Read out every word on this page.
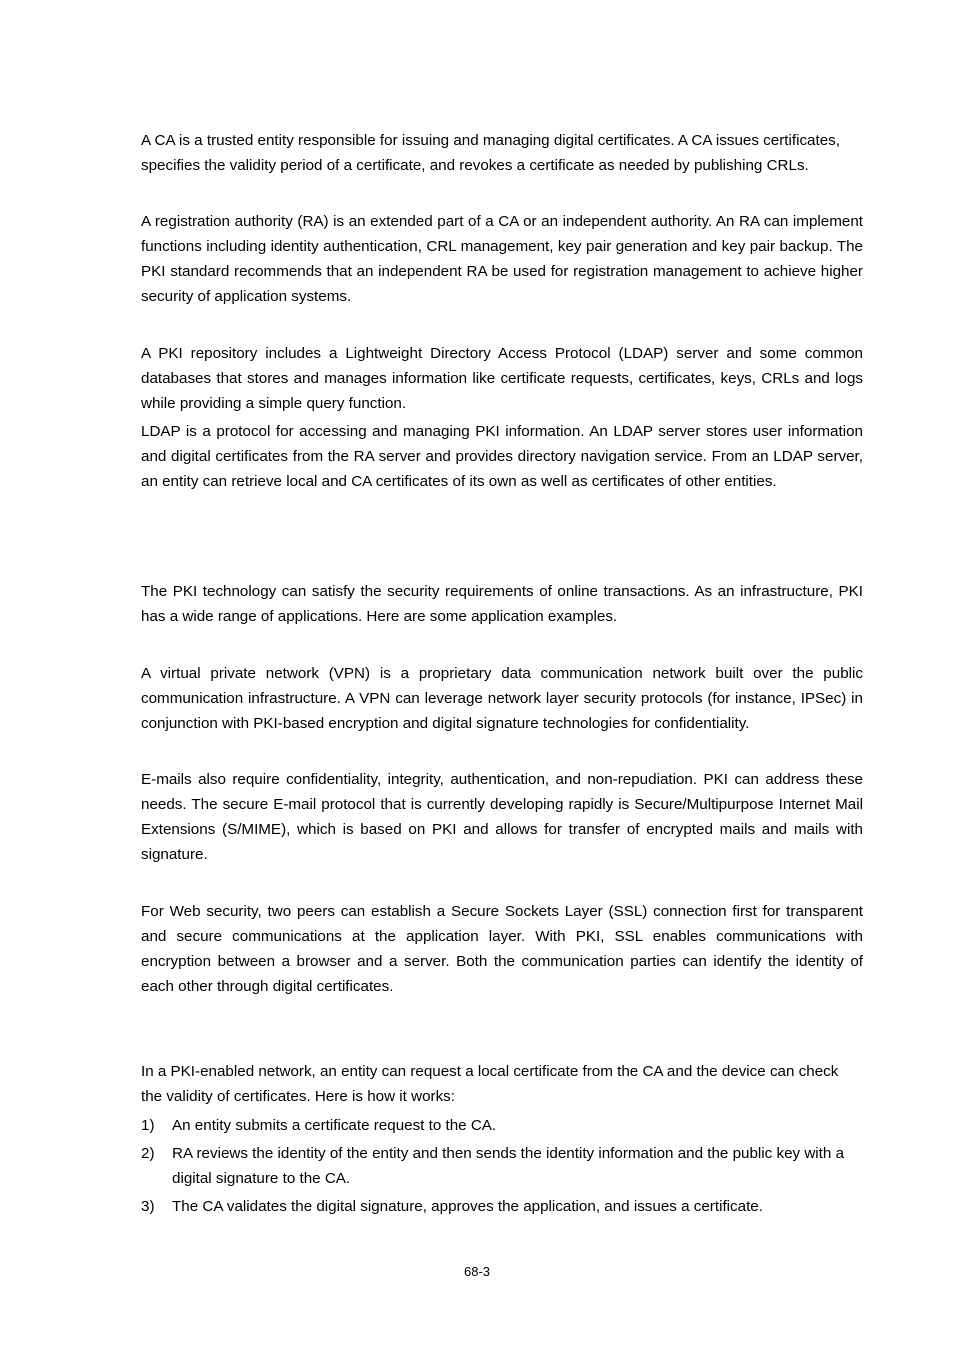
A CA is a trusted entity responsible for issuing and managing digital certificates. A CA issues certificates, specifies the validity period of a certificate, and revokes a certificate as needed by publishing CRLs.

A registration authority (RA) is an extended part of a CA or an independent authority. An RA can implement functions including identity authentication, CRL management, key pair generation and key pair backup. The PKI standard recommends that an independent RA be used for registration management to achieve higher security of application systems.

A PKI repository includes a Lightweight Directory Access Protocol (LDAP) server and some common databases that stores and manages information like certificate requests, certificates, keys, CRLs and logs while providing a simple query function.

LDAP is a protocol for accessing and managing PKI information. An LDAP server stores user information and digital certificates from the RA server and provides directory navigation service. From an LDAP server, an entity can retrieve local and CA certificates of its own as well as certificates of other entities.

The PKI technology can satisfy the security requirements of online transactions. As an infrastructure, PKI has a wide range of applications. Here are some application examples.

A virtual private network (VPN) is a proprietary data communication network built over the public communication infrastructure. A VPN can leverage network layer security protocols (for instance, IPSec) in conjunction with PKI-based encryption and digital signature technologies for confidentiality.

E-mails also require confidentiality, integrity, authentication, and non-repudiation. PKI can address these needs. The secure E-mail protocol that is currently developing rapidly is Secure/Multipurpose Internet Mail Extensions (S/MIME), which is based on PKI and allows for transfer of encrypted mails and mails with signature.

For Web security, two peers can establish a Secure Sockets Layer (SSL) connection first for transparent and secure communications at the application layer. With PKI, SSL enables communications with encryption between a browser and a server. Both the communication parties can identify the identity of each other through digital certificates.

In a PKI-enabled network, an entity can request a local certificate from the CA and the device can check the validity of certificates. Here is how it works:

1)	An entity submits a certificate request to the CA.
2)	RA reviews the identity of the entity and then sends the identity information and the public key with a digital signature to the CA.
3)	The CA validates the digital signature, approves the application, and issues a certificate.
68-3
